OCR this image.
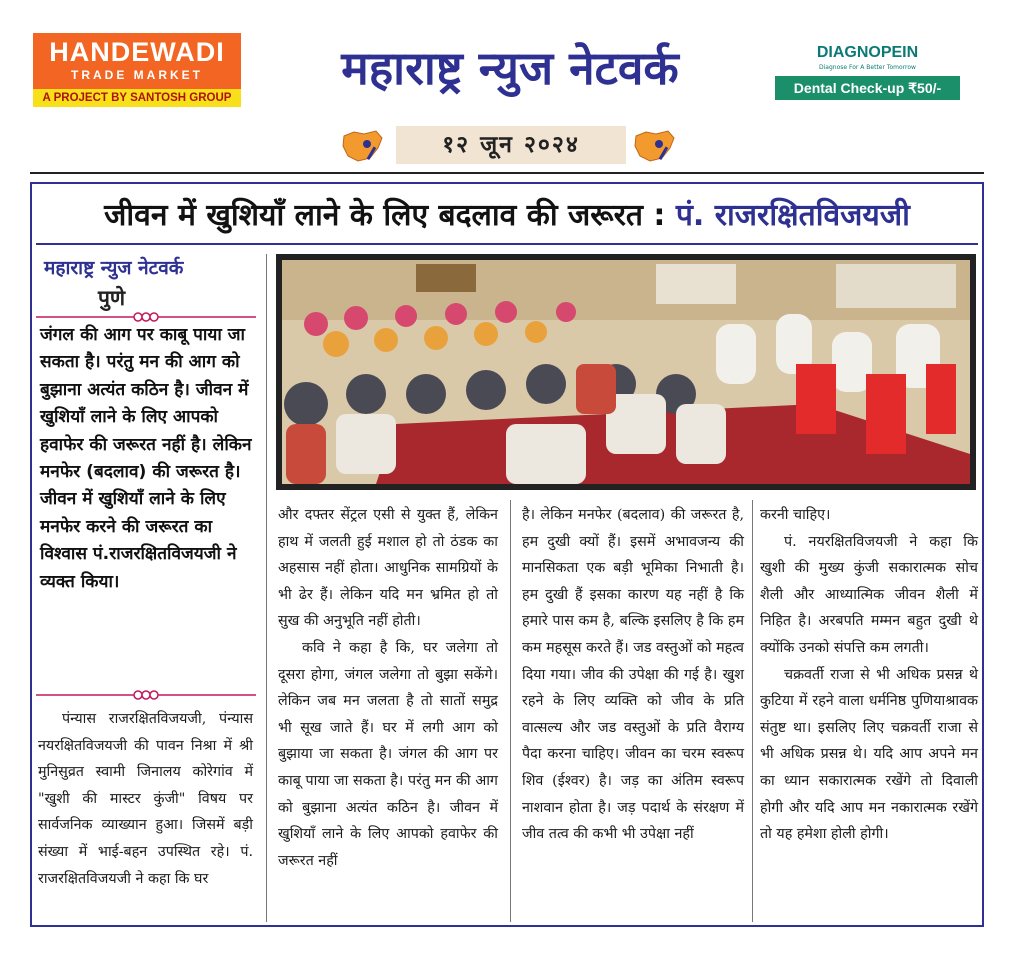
HANDEWADI
TRADE MARKET
A PROJECT BY SANTOSH GROUP
महाराष्ट्र न्युज नेटवर्क	DIAGNOPEIN
Diagnose For A Better Tomorrow
Dental Check-up ₹50/-
१२ जून २०२४
जीवन में खुशियाँ लाने के लिए बदलाव की जरूरत : पं. राजरक्षितविजयजी
महाराष्ट्र न्युज नेटवर्क
पुणे
जंगल की आग पर काबू पाया जा सकता है। परंतु मन की आग को बुझाना अत्यंत कठिन है। जीवन में खुशियाँ लाने के लिए आपको हवाफेर की जरूरत नहीं है। लेकिन मनफेर (बदलाव) की जरूरत है। जीवन में खुशियाँ लाने के लिए मनफेर करने की जरूरत का विश्वास पं.राजरक्षितविजयजी ने व्यक्त किया।

पंन्यास राजरक्षितविजयजी, पंन्यास नयरक्षितविजयजी की पावन निश्रा में श्री मुनिसुव्रत स्वामी जिनालय कोरेगांव में "खुशी की मास्टर कुंजी" विषय पर सार्वजनिक व्याख्यान हुआ। जिसमें बड़ी संख्या में भाई-बहन उपस्थित रहे। पं. राजरक्षितविजयजी ने कहा कि घर

और दफ्तर सेंट्रल एसी से युक्त हैं, लेकिन हाथ में जलती हुई मशाल हो तो ठंडक का अहसास नहीं होता। आधुनिक सामग्रियों के भी ढेर हैं। लेकिन यदि मन भ्रमित हो तो सुख की अनुभूति नहीं होती।

कवि ने कहा है कि, घर जलेगा तो दूसरा होगा, जंगल जलेगा तो बुझा सकेंगे। लेकिन जब मन जलता है तो सातों समुद्र भी सूख जाते हैं। घर में लगी आग को बुझाया जा सकता है। जंगल की आग पर काबू पाया जा सकता है। परंतु मन की आग को बुझाना अत्यंत कठिन है। जीवन में खुशियाँ लाने के लिए आपको हवाफेर की जरूरत नहीं

है। लेकिन मनफेर (बदलाव) की जरूरत है, हम दुखी क्यों हैं। इसमें अभावजन्य की मानसिकता एक बड़ी भूमिका निभाती है। हम दुखी हैं इसका कारण यह नहीं है कि हमारे पास कम है, बल्कि इसलिए है कि हम कम महसूस करते हैं। जड वस्तुओं को महत्व दिया गया। जीव की उपेक्षा की गई है। खुश रहने के लिए व्यक्ति को जीव के प्रति वात्सल्य और जड वस्तुओं के प्रति वैराग्य पैदा करना चाहिए। जीवन का चरम स्वरूप शिव (ईश्वर) है। जड़ का अंतिम स्वरूप नाशवान होता है। जड़ पदार्थ के संरक्षण में जीव तत्व की कभी भी उपेक्षा नहीं

करनी चाहिए।

पं. नयरक्षितविजयजी ने कहा कि खुशी की मुख्य कुंजी सकारात्मक सोच शैली और आध्यात्मिक जीवन शैली में निहित है। अरबपति मम्मन बहुत दुखी थे क्योंकि उनको संपत्ति कम लगती।

चक्रवर्ती राजा से भी अधिक प्रसन्न थे कुटिया में रहने वाला धर्मनिष्ठ पुणियाश्रावक संतुष्ट था। इसलिए लिए चक्रवर्ती राजा से भी अधिक प्रसन्न थे। यदि आप अपने मन का ध्यान सकारात्मक रखेंगे तो दिवाली होगी और यदि आप मन नकारात्मक रखेंगे तो यह हमेशा होली होगी।
